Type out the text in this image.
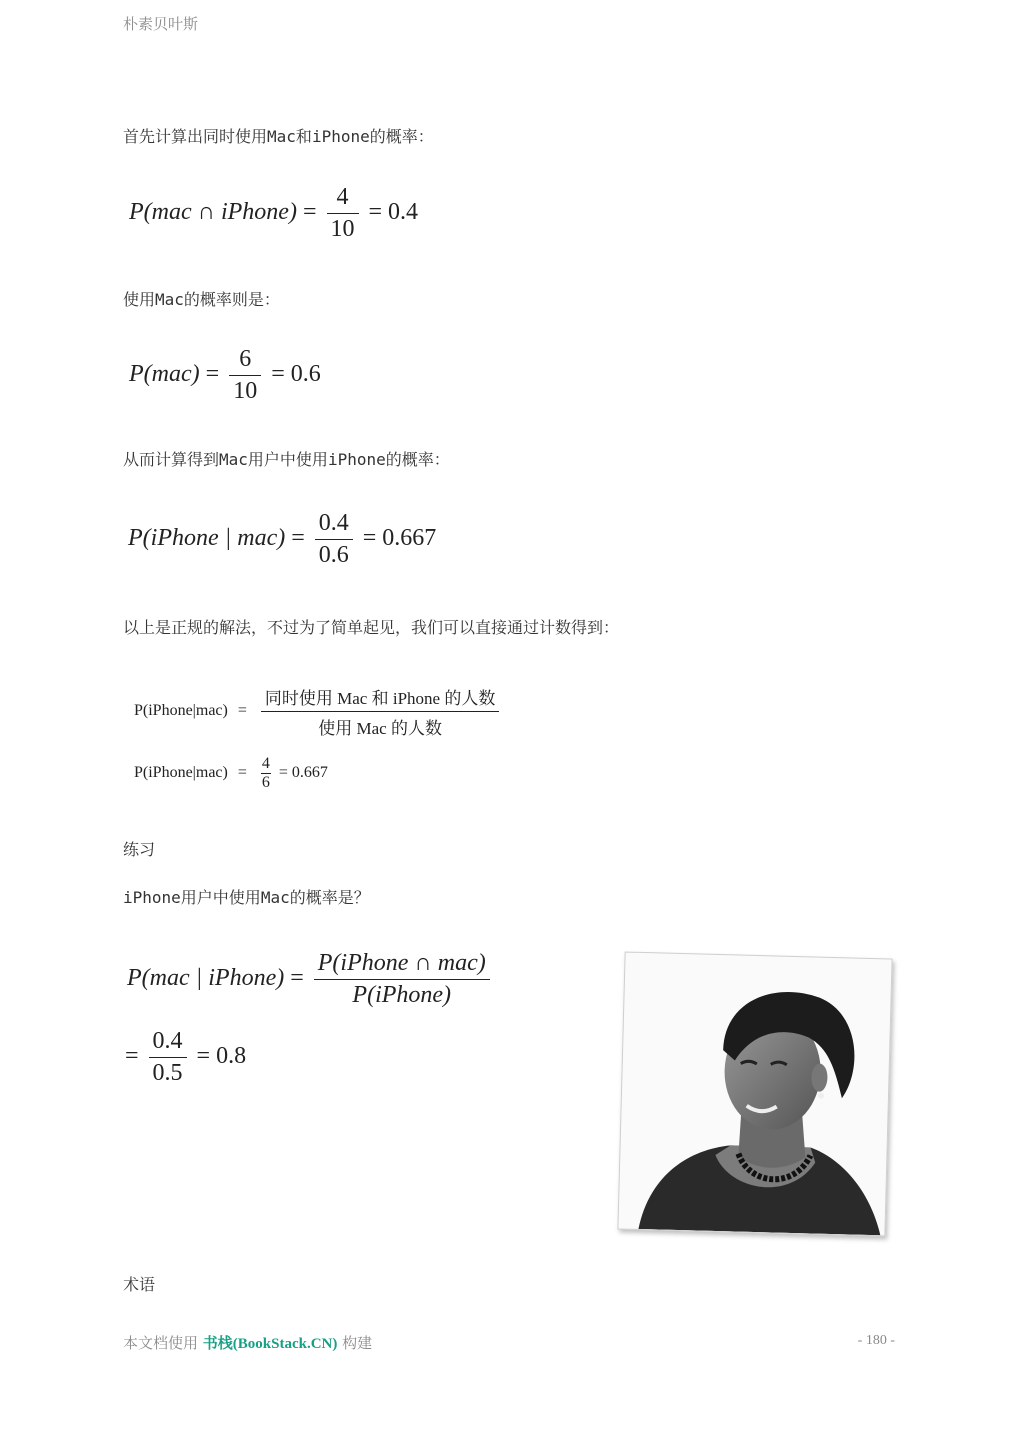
朴素贝叶斯
首先计算出同时使用Mac和iPhone的概率：
P(mac ∩ iPhone) = $\frac{4}{10} = 0.4$
使用Mac的概率则是：
$P(mac) = \frac{6}{10} = 0.6$
从而计算得到Mac用户中使用iPhone的概率：
P(iPhone | $mac) = \frac{0.4}{0.6} = 0.667$
以上是正规的解法，不过为了简单起见，我们可以直接通过计数得到：
P(iPhone|mac) = $\frac{\text{同时使用 Mac 和 iPhone 的人数}}{\text{使用 Mac 的人数}}$
P(iPhone|mac) = $\frac{4}{6} = 0.667$
练习
iPhone用户中使用Mac的概率是？
P(mac | iPhone) = $\frac{\text{P(iPhone ∩ mac)}}{\text{P(iPhone)}}$
= $\frac{0.4}{0.5} = 0.8$
术语
本文档使用 书栈(BookStack.CN) 构建	- 180 -
